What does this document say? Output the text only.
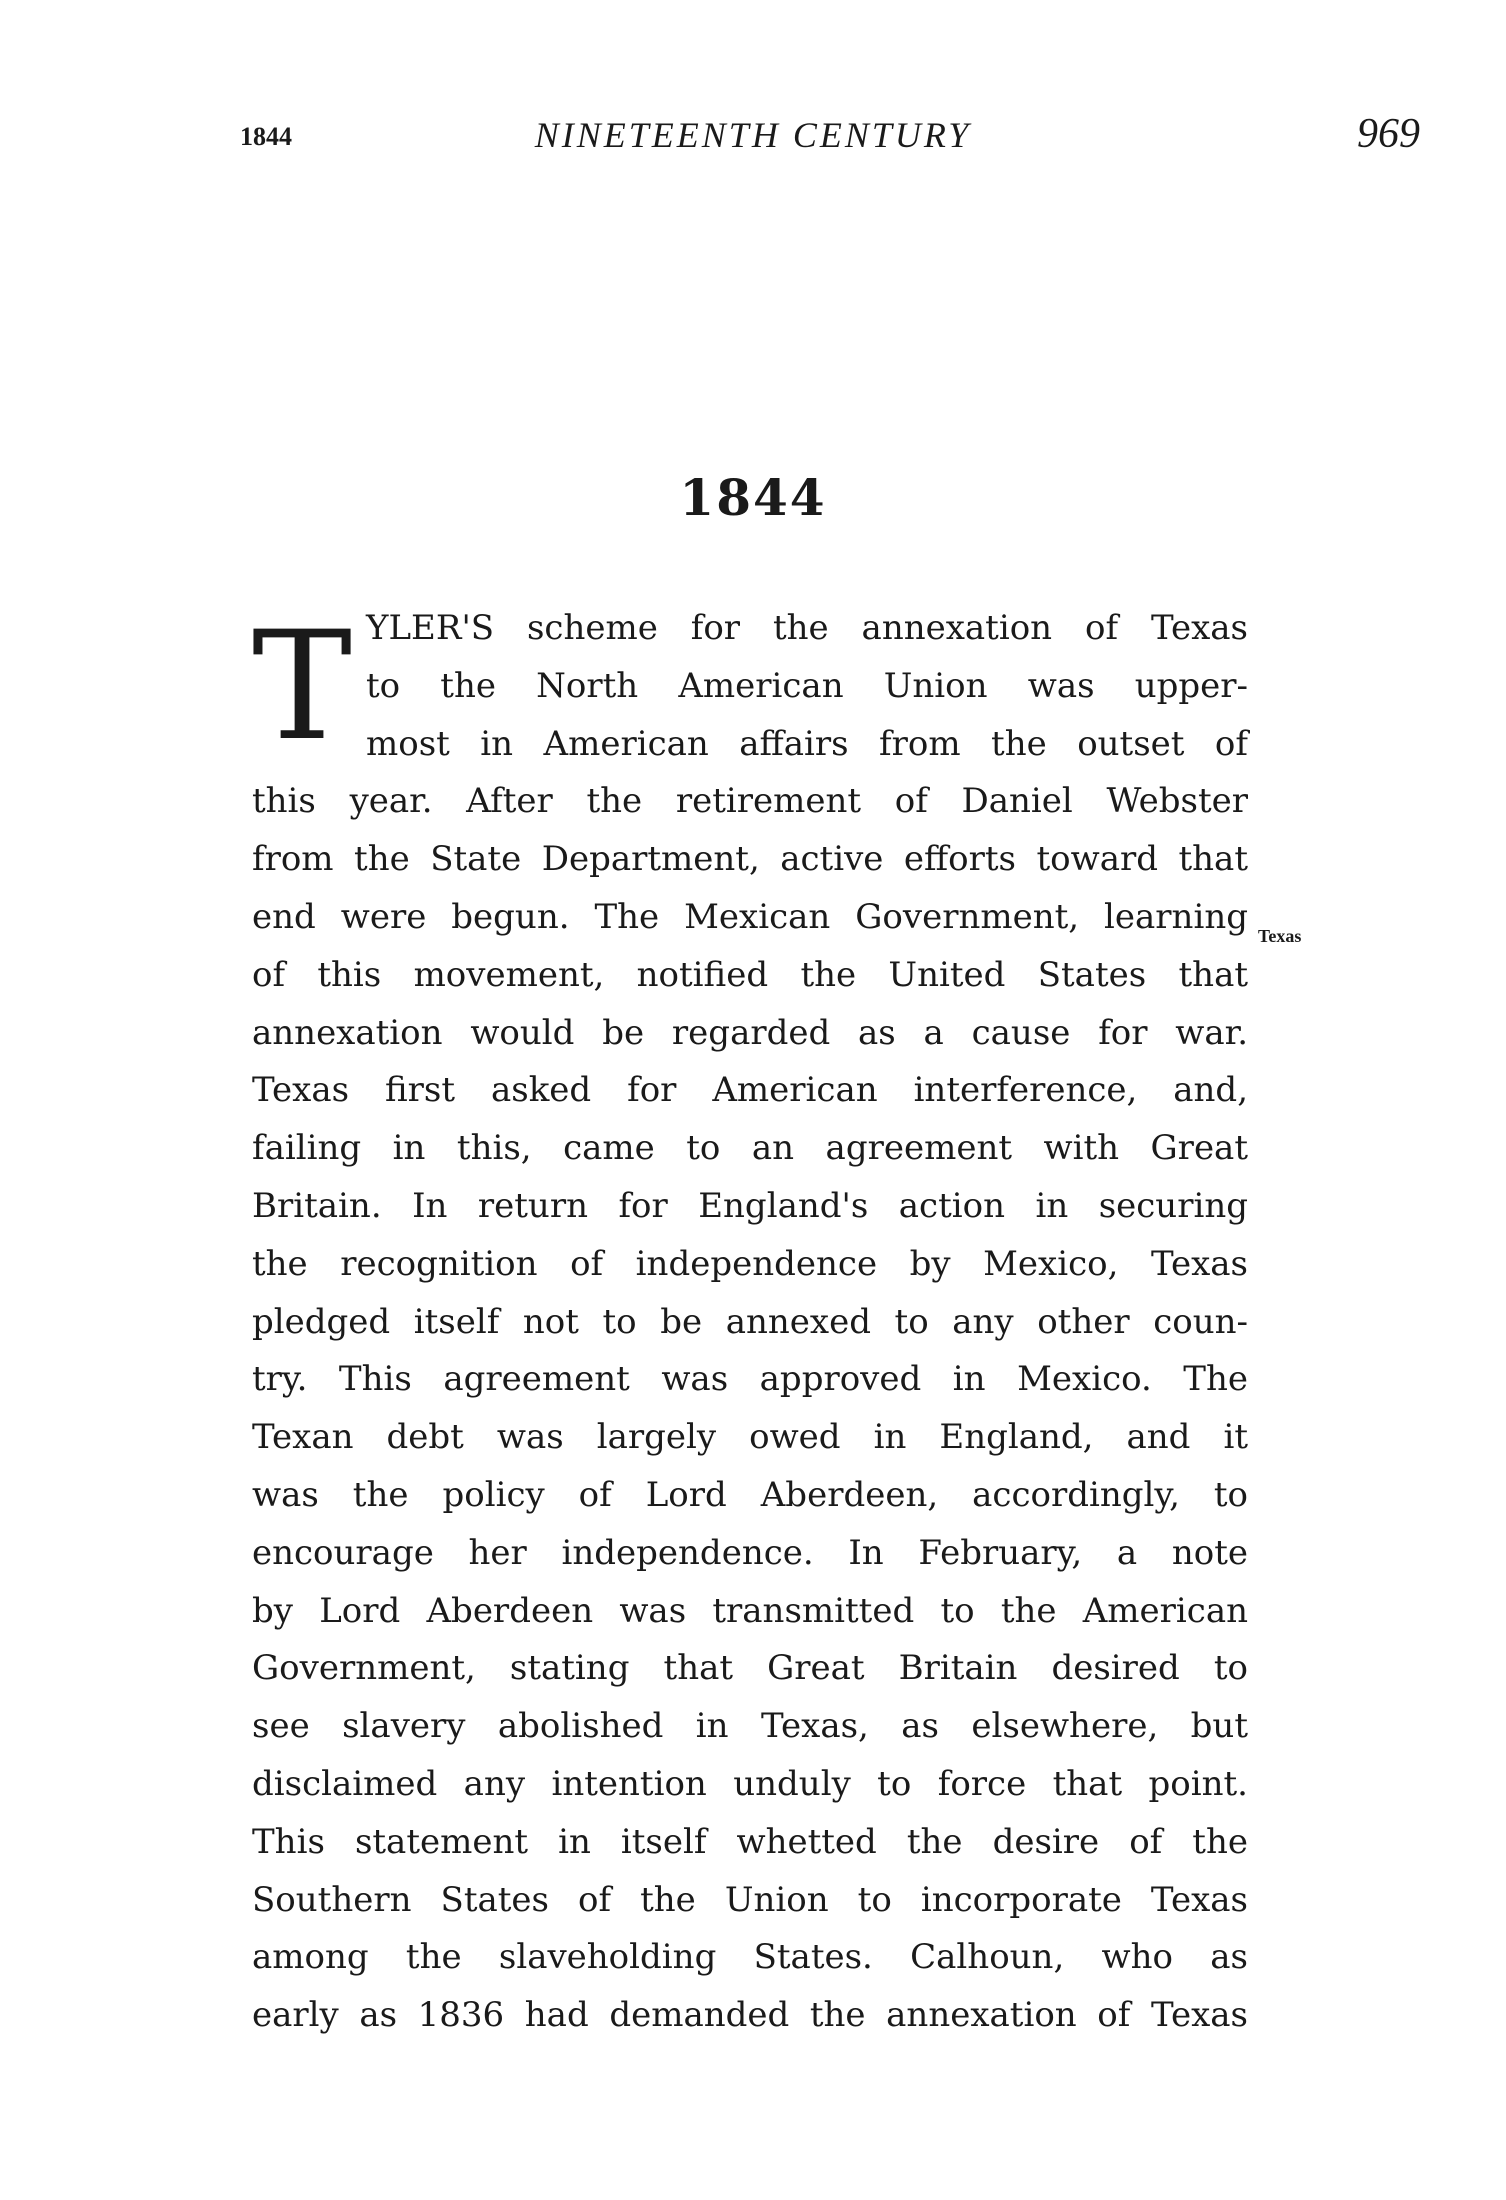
1844	NINETEENTH CENTURY	969
1844
T
Texas
YLER'S scheme for the annexation of Texas
to the North American Union was upper-
most in American affairs from the outset of
this year. After the retirement of Daniel Webster
from the State Department, active efforts toward that
end were begun. The Mexican Government, learning
of this movement, notified the United States that
annexation would be regarded as a cause for war.
Texas first asked for American interference, and,
failing in this, came to an agreement with Great
Britain. In return for England's action in securing
the recognition of independence by Mexico, Texas
pledged itself not to be annexed to any other coun-
try. This agreement was approved in Mexico. The
Texan debt was largely owed in England, and it
was the policy of Lord Aberdeen, accordingly, to
encourage her independence. In February, a note
by Lord Aberdeen was transmitted to the American
Government, stating that Great Britain desired to
see slavery abolished in Texas, as elsewhere, but
disclaimed any intention unduly to force that point.
This statement in itself whetted the desire of the
Southern States of the Union to incorporate Texas
among the slaveholding States. Calhoun, who as
early as 1836 had demanded the annexation of Texas
